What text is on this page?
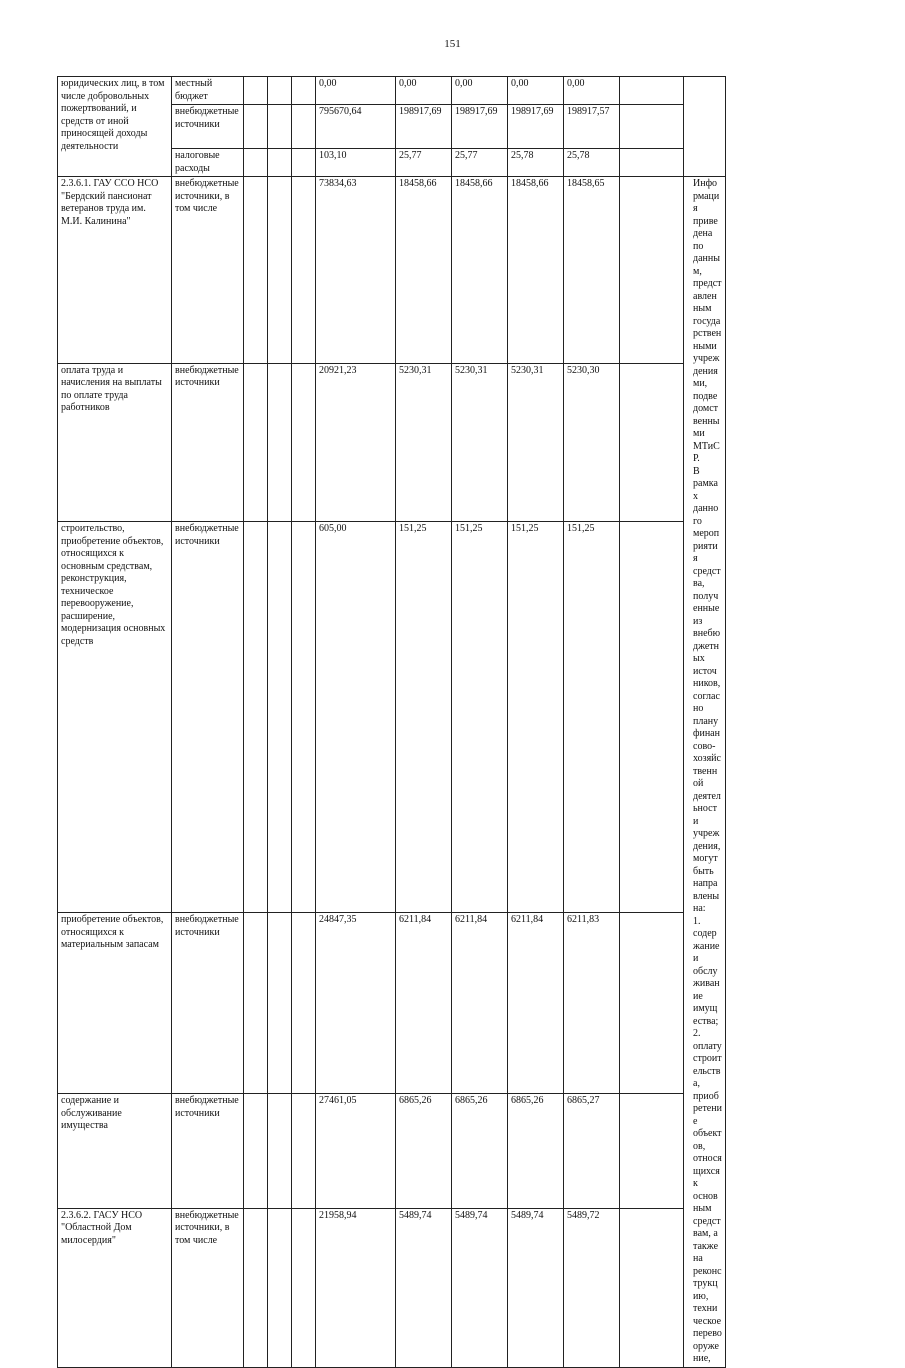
151
юридических лиц, в том числе добровольных пожертвований, и средств от иной приносящей доходы деятельности	местный бюджет				0,00	0,00	0,00	0,00	0,00		
	внебюджетные источники				795670,64	198917,69	198917,69	198917,69	198917,57		
	налоговые расходы				103,10	25,77	25,77	25,78	25,78		
2.3.6.1. ГАУ ССО НСО "Бердский пансионат ветеранов труда им. М.И. Калинина"	внебюджетные источники, в том числе				73834,63	18458,66	18458,66	18458,66	18458,65		Информация приведена по данным, представленным государственными учреждениями, подведомственными МТиСР.
В рамках данного мероприятия средства, полученные из внебюджетных источников, согласно плану финансово-хозяйственной деятельности учреждения, могут быть направлены на:
1. содержание и обслуживание имущества;
2. оплату строительства, приобретение объектов, относящихся к основным средствам, а также на реконструкцию, техническое перевооружение,

оплата труда и начисления на выплаты по оплате труда работников	внебюджетные источники				20921,23	5230,31	5230,31	5230,31	5230,30		
строительство, приобретение объектов, относящихся к основным средствам, реконструкция, техническое перевооружение, расширение, модернизация основных средств	внебюджетные источники				605,00	151,25	151,25	151,25	151,25		
приобретение объектов, относящихся к материальным запасам	внебюджетные источники				24847,35	6211,84	6211,84	6211,84	6211,83		
содержание и обслуживание имущества	внебюджетные источники				27461,05	6865,26	6865,26	6865,26	6865,27		
2.3.6.2. ГАСУ НСО "Областной Дом милосердия"	внебюджетные источники, в том числе				21958,94	5489,74	5489,74	5489,74	5489,72		
